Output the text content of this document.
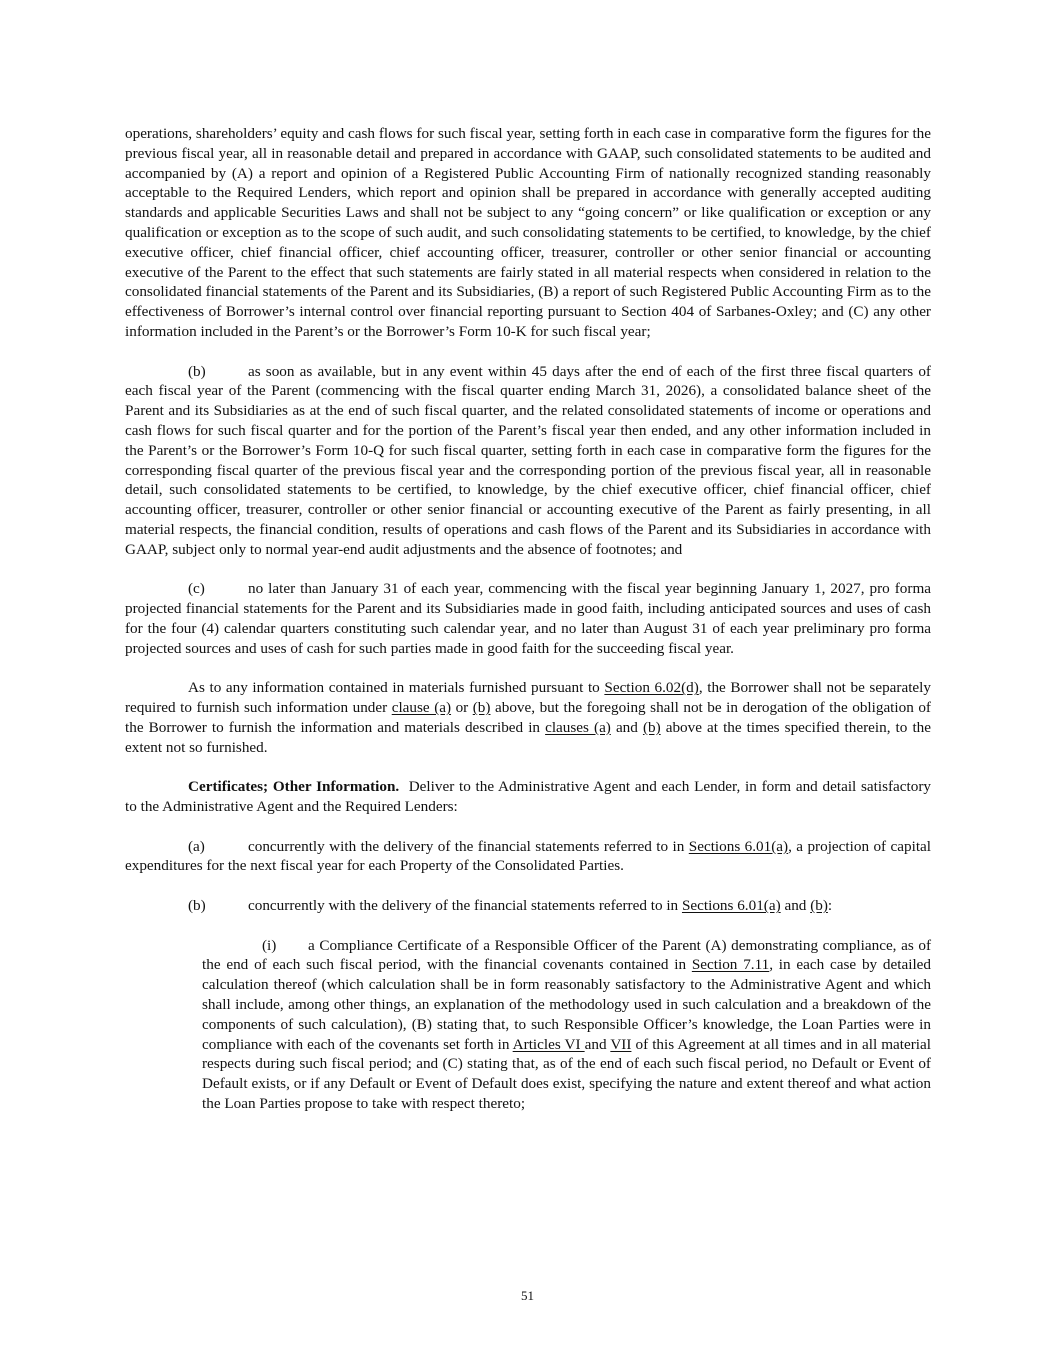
operations, shareholders’ equity and cash flows for such fiscal year, setting forth in each case in comparative form the figures for the previous fiscal year, all in reasonable detail and prepared in accordance with GAAP, such consolidated statements to be audited and accompanied by (A) a report and opinion of a Registered Public Accounting Firm of nationally recognized standing reasonably acceptable to the Required Lenders, which report and opinion shall be prepared in accordance with generally accepted auditing standards and applicable Securities Laws and shall not be subject to any “going concern” or like qualification or exception or any qualification or exception as to the scope of such audit, and such consolidating statements to be certified, to knowledge, by the chief executive officer, chief financial officer, chief accounting officer, treasurer, controller or other senior financial or accounting executive of the Parent to the effect that such statements are fairly stated in all material respects when considered in relation to the consolidated financial statements of the Parent and its Subsidiaries, (B) a report of such Registered Public Accounting Firm as to the effectiveness of Borrower’s internal control over financial reporting pursuant to Section 404 of Sarbanes-Oxley; and (C) any other information included in the Parent’s or the Borrower’s Form 10-K for such fiscal year;

(b)	as soon as available, but in any event within 45 days after the end of each of the first three fiscal quarters of each fiscal year of the Parent (commencing with the fiscal quarter ending March 31, 2026), a consolidated balance sheet of the Parent and its Subsidiaries as at the end of such fiscal quarter, and the related consolidated statements of income or operations and cash flows for such fiscal quarter and for the portion of the Parent’s fiscal year then ended, and any other information included in the Parent’s or the Borrower’s Form 10-Q for such fiscal quarter, setting forth in each case in comparative form the figures for the corresponding fiscal quarter of the previous fiscal year and the corresponding portion of the previous fiscal year, all in reasonable detail, such consolidated statements to be certified, to knowledge, by the chief executive officer, chief financial officer, chief accounting officer, treasurer, controller or other senior financial or accounting executive of the Parent as fairly presenting, in all material respects, the financial condition, results of operations and cash flows of the Parent and its Subsidiaries in accordance with GAAP, subject only to normal year-end audit adjustments and the absence of footnotes; and

(c)	no later than January 31 of each year, commencing with the fiscal year beginning January 1, 2027, pro forma projected financial statements for the Parent and its Subsidiaries made in good faith, including anticipated sources and uses of cash for the four (4) calendar quarters constituting such calendar year, and no later than August 31 of each year preliminary pro forma projected sources and uses of cash for such parties made in good faith for the succeeding fiscal year.

As to any information contained in materials furnished pursuant to Section 6.02(d), the Borrower shall not be separately required to furnish such information under clause (a) or (b) above, but the foregoing shall not be in derogation of the obligation of the Borrower to furnish the information and materials described in clauses (a) and (b) above at the times specified therein, to the extent not so furnished.

Certificates; Other Information. Deliver to the Administrative Agent and each Lender, in form and detail satisfactory to the Administrative Agent and the Required Lenders:

(a)	concurrently with the delivery of the financial statements referred to in Sections 6.01(a), a projection of capital expenditures for the next fiscal year for each Property of the Consolidated Parties.

(b)	concurrently with the delivery of the financial statements referred to in Sections 6.01(a) and (b):

(i) a Compliance Certificate of a Responsible Officer of the Parent (A) demonstrating compliance, as of the end of each such fiscal period, with the financial covenants contained in Section 7.11, in each case by detailed calculation thereof (which calculation shall be in form reasonably satisfactory to the Administrative Agent and which shall include, among other things, an explanation of the methodology used in such calculation and a breakdown of the components of such calculation), (B) stating that, to such Responsible Officer’s knowledge, the Loan Parties were in compliance with each of the covenants set forth in Articles VI and VII of this Agreement at all times and in all material respects during such fiscal period; and (C) stating that, as of the end of each such fiscal period, no Default or Event of Default exists, or if any Default or Event of Default does exist, specifying the nature and extent thereof and what action the Loan Parties propose to take with respect thereto;

51
